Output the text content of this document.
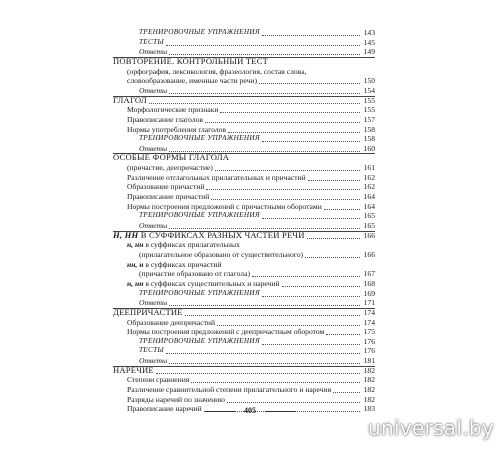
ТРЕНИРОВОЧНЫЕ УПРАЖНЕНИЯ	143
ТЕСТЫ	145
Ответы	149
ПОВТОРЕНИЕ. КОНТРОЛЬНЫЙ ТЕСТ
(орфография, лексикология, фразеология, состав слова,
словообразование, именные части речи)	150
Ответы	154
ГЛАГОЛ	155
Морфологические признаки	155
Правописание глаголов	157
Нормы употребления глаголов	158
ТРЕНИРОВОЧНЫЕ УПРАЖНЕНИЯ	158
Ответы	160
ОСОБЫЕ ФОРМЫ ГЛАГОЛА
(причастие, деепричастие)	161
Различение отглагольных прилагательных и причастий	162
Образование причастий	162
Правописание причастий	164
Нормы построения предложений с причастными оборотами	164
ТРЕНИРОВОЧНЫЕ УПРАЖНЕНИЯ	165
Ответы	165
Н, НН В СУФФИКСАХ РАЗНЫХ ЧАСТЕЙ РЕЧИ	166
н, нн в суффиксах прилагательных
(прилагательное образовано от существительного)	166
нн, н в суффиксах причастий
(причастие образовано от глагола)	167
н, нн в суффиксах существительных и наречий	168
ТРЕНИРОВОЧНЫЕ УПРАЖНЕНИЯ	169
Ответы	171
ДЕЕПРИЧАСТИЕ	174
Образование деепричастий	174
Нормы построения предложений с деепричастным оборотом	175
ТРЕНИРОВОЧНЫЕ УПРАЖНЕНИЯ	176
ТЕСТЫ	176
Ответы	181
НАРЕЧИЕ	182
Степени сравнения	182
Различение сравнительной степени прилагательного и наречия	182
Разряды наречий по значению	182
Правописание наречий	183
405
universal.by
